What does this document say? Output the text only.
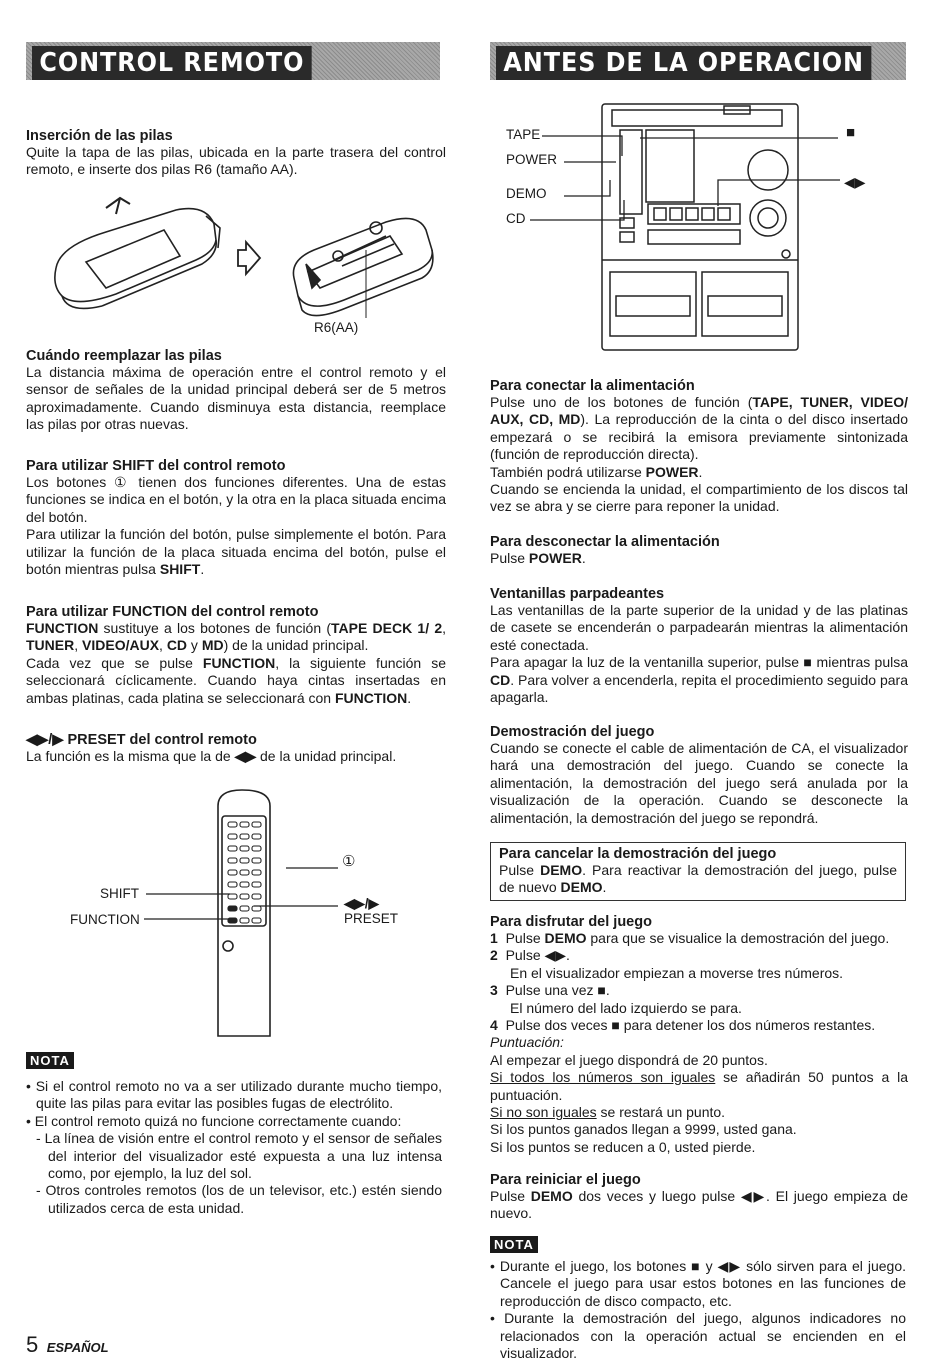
CONTROL REMOTO

Inserción de las pilas

Quite la tapa de las pilas, ubicada en la parte trasera del control remoto, e inserte dos pilas R6 (tamaño AA).

R6(AA)

Cuándo reemplazar las pilas

La distancia máxima de operación entre el control remoto y el sensor de señales de la unidad principal deberá ser de 5 metros aproximadamente. Cuando disminuya esta distancia, reemplace las pilas por otras nuevas.

Para utilizar SHIFT del control remoto

Los botones ① tienen dos funciones diferentes. Una de estas funciones se indica en el botón, y la otra en la placa situada encima del botón.

Para utilizar la función del botón, pulse simplemente el botón. Para utilizar la función de la placa situada encima del botón, pulse el botón mientras pulsa SHIFT.

Para utilizar FUNCTION del control remoto

FUNCTION sustituye a los botones de función (TAPE DECK 1/ 2, TUNER, VIDEO/AUX, CD y MD) de la unidad principal.

Cada vez que se pulse FUNCTION, la siguiente función se seleccionará cíclicamente. Cuando haya cintas insertadas en ambas platinas, cada platina se seleccionará con FUNCTION.

◀▶/▶ PRESET del control remoto

La función es la misma que la de ◀▶ de la unidad principal.

①
SHIFT
FUNCTION
◀▶/▶
PRESET
NOTA

• Si el control remoto no va a ser utilizado durante mucho tiempo, quite las pilas para evitar las posibles fugas de electrólito.

• El control remoto quizá no funcione correctamente cuando:

- La línea de visión entre el control remoto y el sensor de señales del interior del visualizador esté expuesta a una luz intensa como, por ejemplo, la luz del sol.

- Otros controles remotos (los de un televisor, etc.) estén siendo utilizados cerca de esta unidad.

5 ESPAÑOL
ANTES DE LA OPERACION
TAPE
POWER
DEMO
CD
■
◀▶

Para conectar la alimentación

Pulse uno de los botones de función (TAPE, TUNER, VIDEO/ AUX, CD, MD). La reproducción de la cinta o del disco insertado empezará o se recibirá la emisora previamente sintonizada (función de reproducción directa).

También podrá utilizarse POWER.

Cuando se encienda la unidad, el compartimiento de los discos tal vez se abra y se cierre para reponer la unidad.

Para desconectar la alimentación

Pulse POWER.

Ventanillas parpadeantes

Las ventanillas de la parte superior de la unidad y de las platinas de casete se encenderán o parpadearán mientras la alimentación esté conectada.

Para apagar la luz de la ventanilla superior, pulse ■ mientras pulsa CD. Para volver a encenderla, repita el procedimiento seguido para apagarla.

Demostración del juego

Cuando se conecte el cable de alimentación de CA, el visualizador hará una demostración del juego. Cuando se conecte la alimentación, la demostración del juego será anulada por la visualización de la operación. Cuando se desconecte la alimentación, la demostración del juego se repondrá.

Para cancelar la demostración del juego

Pulse DEMO. Para reactivar la demostración del juego, pulse de nuevo DEMO.

Para disfrutar del juego

1 Pulse DEMO para que se visualice la demostración del juego.

2 Pulse ◀▶.

En el visualizador empiezan a moverse tres números.

3 Pulse una vez ■.

El número del lado izquierdo se para.

4 Pulse dos veces ■ para detener los dos números restantes.

Puntuación:

Al empezar el juego dispondrá de 20 puntos.

Si todos los números son iguales se añadirán 50 puntos a la puntuación.

Si no son iguales se restará un punto.

Si los puntos ganados llegan a 9999, usted gana.

Si los puntos se reducen a 0, usted pierde.

Para reiniciar el juego

Pulse DEMO dos veces y luego pulse ◀▶. El juego empieza de nuevo.

NOTA

• Durante el juego, los botones ■ y ◀▶ sólo sirven para el juego. Cancele el juego para usar estos botones en las funciones de reproducción de disco compacto, etc.

• Durante la demostración del juego, algunos indicadores no relacionados con la operación actual se encienden en el visualizador.
